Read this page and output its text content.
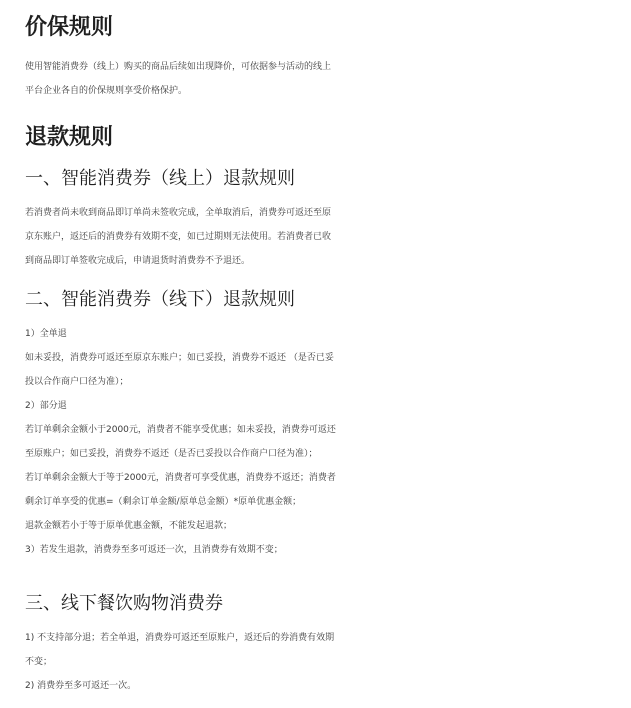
价保规则
使用智能消费券（线上）购买的商品后续如出现降价，可依据参与活动的线上
平台企业各自的价保规则享受价格保护。
退款规则
一、智能消费券（线上）退款规则
若消费者尚未收到商品即订单尚未签收完成，全单取消后，消费券可返还至原
京东账户，返还后的消费券有效期不变，如已过期则无法使用。若消费者已收
到商品即订单签收完成后，申请退货时消费券不予退还。
二、智能消费券（线下）退款规则
1）全单退
如未妥投，消费券可返还至原京东账户；如已妥投，消费券不返还 （是否已妥
投以合作商户口径为准）；
2）部分退
若订单剩余金额小于2000元，消费者不能享受优惠；如未妥投，消费券可返还
至原账户；如已妥投，消费券不返还（是否已妥投以合作商户口径为准）；
若订单剩余金额大于等于2000元，消费者可享受优惠，消费券不返还；消费者
剩余订单享受的优惠=（剩余订单金额/原单总金额）*原单优惠金额；
退款金额若小于等于原单优惠金额，不能发起退款；
3）若发生退款，消费券至多可返还一次，且消费券有效期不变；
三、线下餐饮购物消费券
1) 不支持部分退；若全单退，消费券可返还至原账户，返还后的券消费有效期
不变；
2) 消费券至多可返还一次。
